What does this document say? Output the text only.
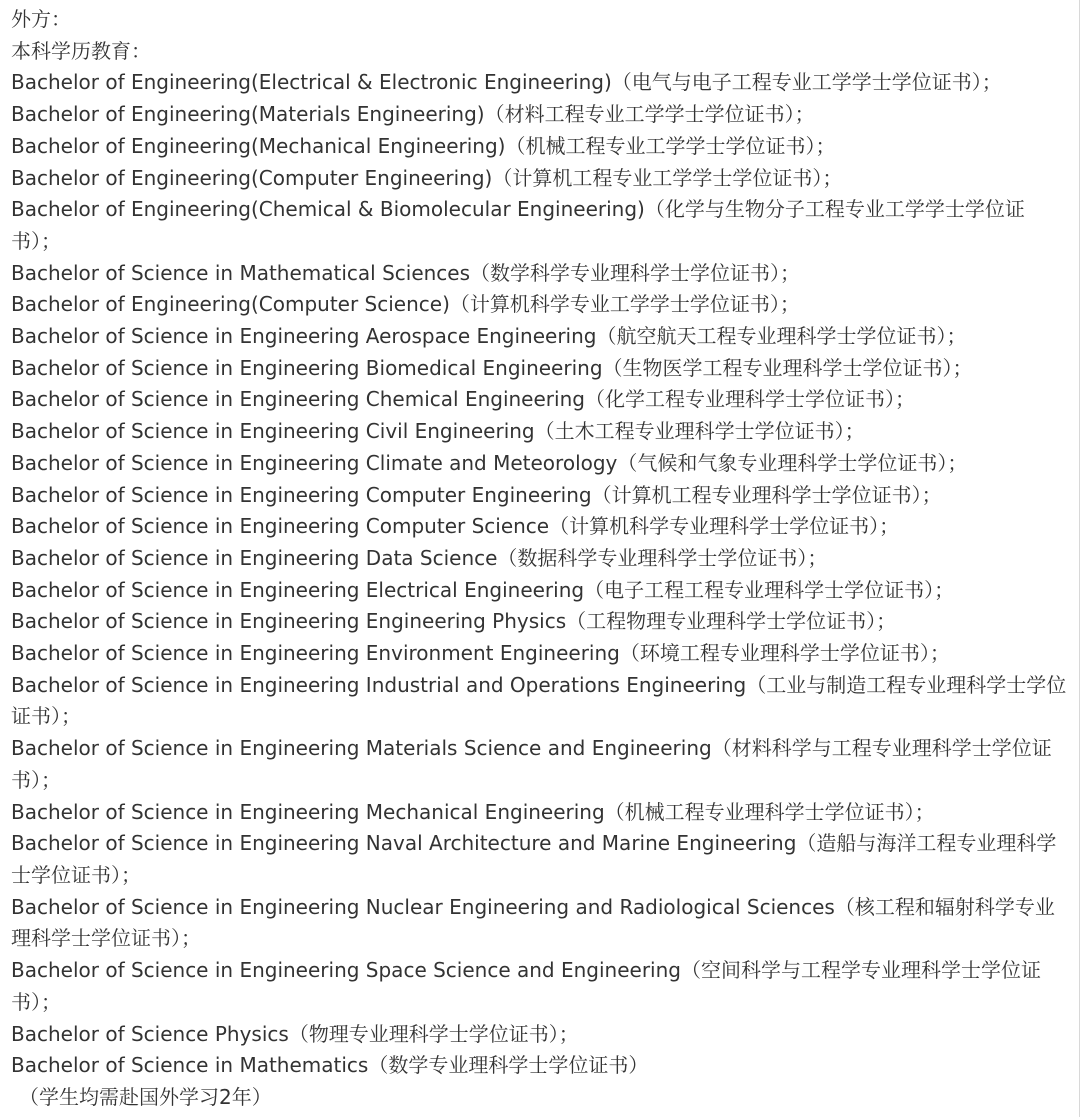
外方：

本科学历教育：

Bachelor of Engineering(Electrical & Electronic Engineering)（电气与电子工程专业工学学士学位证书）；

Bachelor of Engineering(Materials Engineering)（材料工程专业工学学士学位证书）；

Bachelor of Engineering(Mechanical Engineering)（机械工程专业工学学士学位证书）；

Bachelor of Engineering(Computer Engineering)（计算机工程专业工学学士学位证书）；

Bachelor of Engineering(Chemical & Biomolecular Engineering)（化学与生物分子工程专业工学学士学位证书）；

Bachelor of Science in Mathematical Sciences（数学科学专业理科学士学位证书）；

Bachelor of Engineering(Computer Science)（计算机科学专业工学学士学位证书）；

Bachelor of Science in Engineering Aerospace Engineering（航空航天工程专业理科学士学位证书）；

Bachelor of Science in Engineering Biomedical Engineering（生物医学工程专业理科学士学位证书）；

Bachelor of Science in Engineering Chemical Engineering（化学工程专业理科学士学位证书）；

Bachelor of Science in Engineering Civil Engineering（土木工程专业理科学士学位证书）；

Bachelor of Science in Engineering Climate and Meteorology（气候和气象专业理科学士学位证书）；

Bachelor of Science in Engineering Computer Engineering（计算机工程专业理科学士学位证书）；

Bachelor of Science in Engineering Computer Science（计算机科学专业理科学士学位证书）；

Bachelor of Science in Engineering Data Science（数据科学专业理科学士学位证书）；

Bachelor of Science in Engineering Electrical Engineering（电子工程工程专业理科学士学位证书）；

Bachelor of Science in Engineering Engineering Physics（工程物理专业理科学士学位证书）；

Bachelor of Science in Engineering Environment Engineering（环境工程专业理科学士学位证书）；

Bachelor of Science in Engineering Industrial and Operations Engineering（工业与制造工程专业理科学士学位证书）；

Bachelor of Science in Engineering Materials Science and Engineering（材料科学与工程专业理科学士学位证书）；

Bachelor of Science in Engineering Mechanical Engineering（机械工程专业理科学士学位证书）；

Bachelor of Science in Engineering Naval Architecture and Marine Engineering（造船与海洋工程专业理科学士学位证书）；

Bachelor of Science in Engineering Nuclear Engineering and Radiological Sciences（核工程和辐射科学专业理科学士学位证书）；

Bachelor of Science in Engineering Space Science and Engineering（空间科学与工程学专业理科学士学位证书）；

Bachelor of Science Physics（物理专业理科学士学位证书）；

Bachelor of Science in Mathematics（数学专业理科学士学位证书）

（学生均需赴国外学习2年）
